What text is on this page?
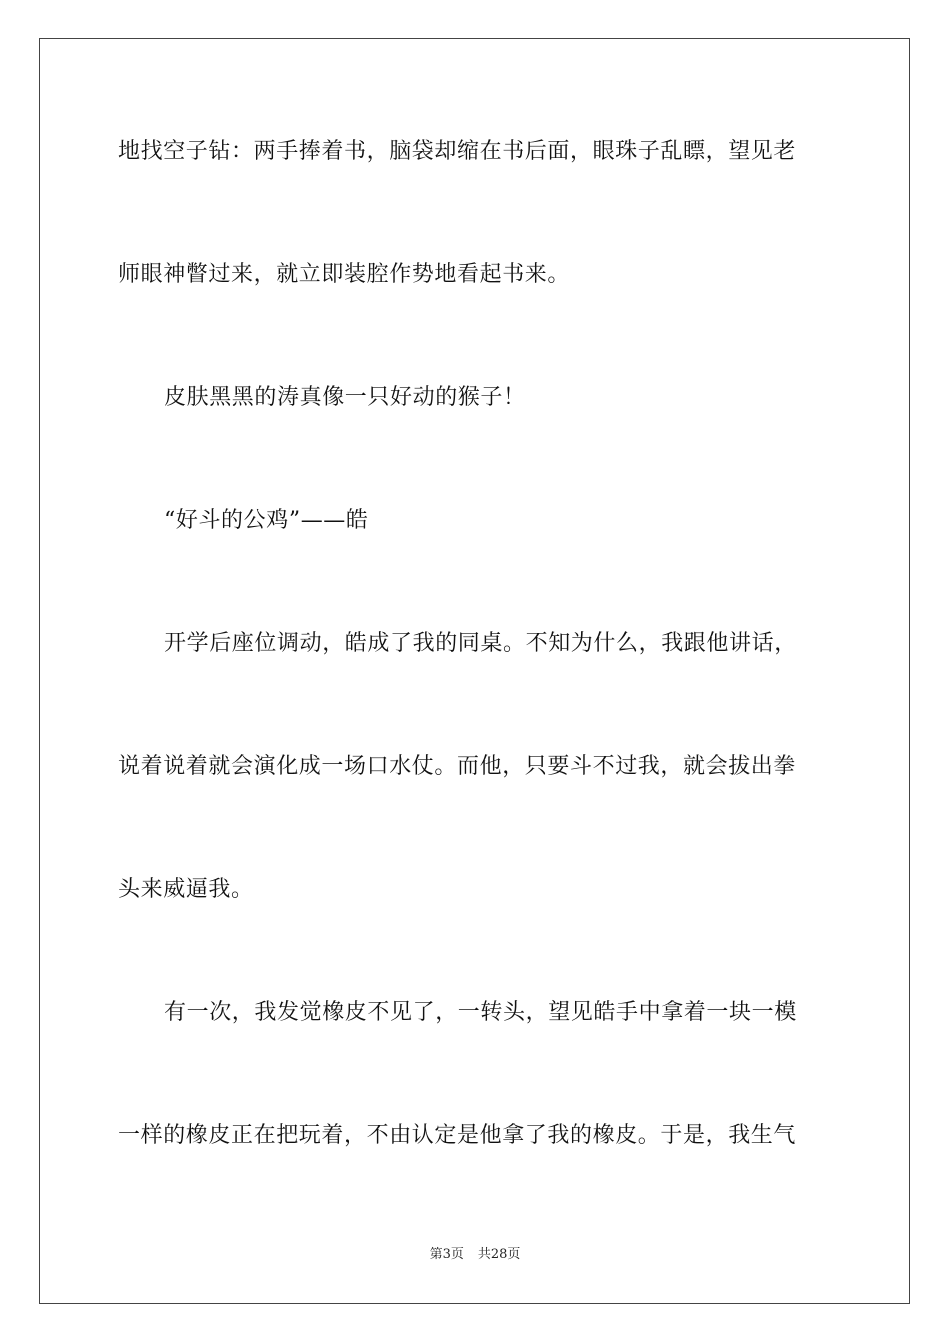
地找空子钻：两手捧着书，脑袋却缩在书后面，眼珠子乱瞟，望见老
师眼神瞥过来，就立即装腔作势地看起书来。
皮肤黑黑的涛真像一只好动的猴子！
“好斗的公鸡”——皓
开学后座位调动，皓成了我的同桌。不知为什么，我跟他讲话，
说着说着就会演化成一场口水仗。而他，只要斗不过我，就会拔出拳
头来威逼我。
有一次，我发觉橡皮不见了，一转头，望见皓手中拿着一块一模
一样的橡皮正在把玩着，不由认定是他拿了我的橡皮。于是，我生气
第3页 共28页
